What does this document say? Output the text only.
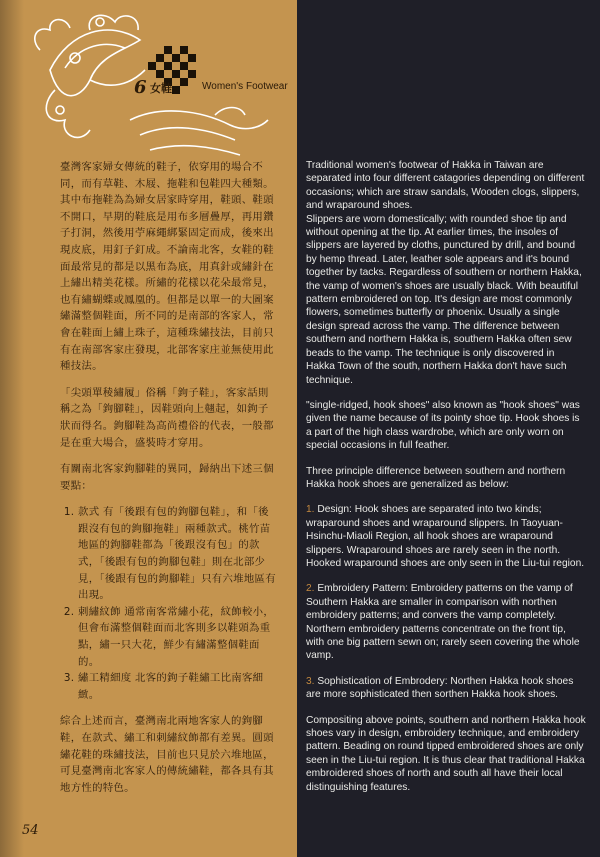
6 女鞋	Women's Footwear

臺灣客家婦女傳統的鞋子，依穿用的場合不同，而有草鞋、木屐、拖鞋和包鞋四大種類。其中布拖鞋為為婦女居家時穿用，鞋頭、鞋頭不開口，早期的鞋底是用布多層疊厚，再用鑽子打洞，然後用苧麻繩綁緊固定而成，後來出現皮底，用釘子釘成。不論南北客，女鞋的鞋面最常見的都是以黑布為底，用真針或繡針在上繡出精美花樣。所繡的花樣以花朵最常見，也有繡蝴蝶或鳳凰的。但都是以單一的大圖案繡滿整個鞋面，所不同的是南部的客家人，常會在鞋面上繡上珠子，這種珠繡技法，目前只有在南部客家庄發現，北部客家庄並無使用此種技法。

「尖頭單稜繡履」俗稱「鉤子鞋」，客家話則稱之為「鉤腳鞋」，因鞋頭向上翹起，如鉤子狀而得名。鉤腳鞋為高尚禮俗的代表，一般都是在重大場合，盛裝時才穿用。

有關南北客家鉤腳鞋的異同，歸納出下述三個要點：

1. 款式 有「後跟有包的鉤腳包鞋」，和「後跟沒有包的鉤腳拖鞋」兩種款式。桃竹苗地區的鉤腳鞋都為「後跟沒有包」的款式，「後跟有包的鉤腳包鞋」則在北部少見，「後跟有包的鉤腳鞋」只有六堆地區有出現。
2. 刺繡紋飾 通常南客常繡小花，紋飾較小，但會布滿整個鞋面而北客則多以鞋頭為重點，繡一只大花，鮮少有繡滿整個鞋面的。
3. 繡工精細度 北客的鉤子鞋繡工比南客細緻。

綜合上述而言，臺灣南北兩地客家人的鉤腳鞋，在款式、繡工和刺繡紋飾都有差異。圓頭繡花鞋的珠繡技法，目前也只見於六堆地區，可見臺灣南北客家人的傳統繡鞋，都各具有其地方性的特色。

Traditional women's footwear of Hakka in Taiwan are separated into four different catagories depending on different occasions; which are straw sandals, Wooden clogs, slippers, and wraparound shoes.
Slippers are worn domestically; with rounded shoe tip and without opening at the tip. At earlier times, the insoles of slippers are layered by cloths, punctured by drill, and bound by hemp thread. Later, leather sole appears and it's bound together by tacks. Regardless of southern or northern Hakka, the vamp of women's shoes are usually black. With beautiful pattern embroidered on top. It's design are most commonly flowers, sometimes butterfly or phoenix. Usually a single design spread across the vamp. The difference between southern and northern Hakka is, southern Hakka often sew beads to the vamp. The technique is only discovered in Hakka Town of the south, northern Hakka don't have such technique.

"single-ridged, hook shoes" also known as "hook shoes" was given the name because of its pointy shoe tip. Hook shoes is a part of the high class wardrobe, which are only worn on special occasions in full feather.

Three principle difference between southern and northern Hakka hook shoes are generalized as below:

1. Design: Hook shoes are separated into two kinds; wraparound shoes and wraparound slippers. In Taoyuan-Hsinchu-Miaoli Region, all hook shoes are wraparound slippers. Wraparound shoes are rarely seen in the north. Hooked wraparound shoes are only seen in the Liu-tui region.

2. Embroidery Pattern: Embroidery patterns on the vamp of Southern Hakka are smaller in comparison with northen embroidery patterns; and convers the vamp completely. Northern embroidery patterns concentrate on the front tip, with one big pattern sewn on; rarely seen covering the whole vamp.

3. Sophistication of Embrodery: Northen Hakka hook shoes are more sophisticated then sorthen Hakka hook shoes.

Compositing above points, southern and northern Hakka hook shoes vary in design, embroidery technique, and embroidery pattern. Beading on round tipped embroidered shoes are only seen in the Liu-tui region. It is thus clear that traditional Hakka embroidered shoes of north and south all have their local distinguishing features.

54
